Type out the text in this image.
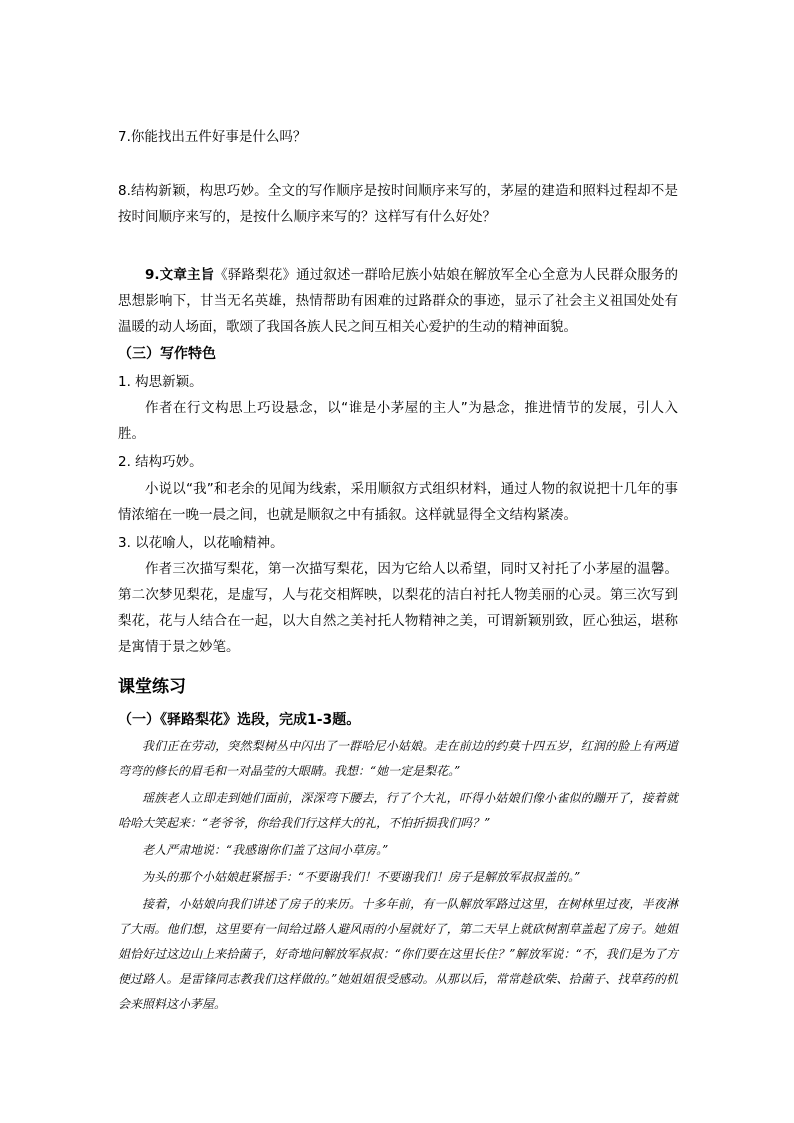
7.你能找出五件好事是什么吗？

8.结构新颖，构思巧妙。全文的写作顺序是按时间顺序来写的，茅屋的建造和照料过程却不是按时间顺序来写的，是按什么顺序来写的？这样写有什么好处？

9.文章主旨《驿路梨花》通过叙述一群哈尼族小姑娘在解放军全心全意为人民群众服务的思想影响下，甘当无名英雄，热情帮助有困难的过路群众的事迹，显示了社会主义祖国处处有温暖的动人场面，歌颂了我国各族人民之间互相关心爱护的生动的精神面貌。

（三）写作特色
1. 构思新颖。

作者在行文构思上巧设悬念，以“谁是小茅屋的主人”为悬念，推进情节的发展，引人入胜。

2. 结构巧妙。

小说以“我”和老余的见闻为线索，采用顺叙方式组织材料，通过人物的叙说把十几年的事情浓缩在一晚一晨之间，也就是顺叙之中有插叙。这样就显得全文结构紧凑。

3. 以花喻人，以花喻精神。

作者三次描写梨花，第一次描写梨花，因为它给人以希望，同时又衬托了小茅屋的温馨。第二次梦见梨花，是虚写，人与花交相辉映，以梨花的洁白衬托人物美丽的心灵。第三次写到梨花，花与人结合在一起，以大自然之美衬托人物精神之美，可谓新颖别致，匠心独运，堪称是寓情于景之妙笔。

课堂练习
（一）《驿路梨花》选段，完成1-3题。

我们正在劳动，突然梨树丛中闪出了一群哈尼小姑娘。走在前边的约莫十四五岁，红润的脸上有两道弯弯的修长的眉毛和一对晶莹的大眼睛。我想：“她一定是梨花。”

瑶族老人立即走到她们面前，深深弯下腰去，行了个大礼，吓得小姑娘们像小雀似的蹦开了，接着就哈哈大笑起来：“老爷爷，你给我们行这样大的礼，不怕折损我们吗？”

老人严肃地说：“我感谢你们盖了这间小草房。”

为头的那个小姑娘赶紧摇手：“不要谢我们！不要谢我们！房子是解放军叔叔盖的。”

接着，小姑娘向我们讲述了房子的来历。十多年前，有一队解放军路过这里，在树林里过夜，半夜淋了大雨。他们想，这里要有一间给过路人避风雨的小屋就好了，第二天早上就砍树割草盖起了房子。她姐姐恰好过这边山上来拾菌子，好奇地问解放军叔叔：“你们要在这里长住？”解放军说：“不，我们是为了方便过路人。是雷锋同志教我们这样做的。”她姐姐很受感动。从那以后，常常趁砍柴、拾菌子、找草药的机会来照料这小茅屋。
